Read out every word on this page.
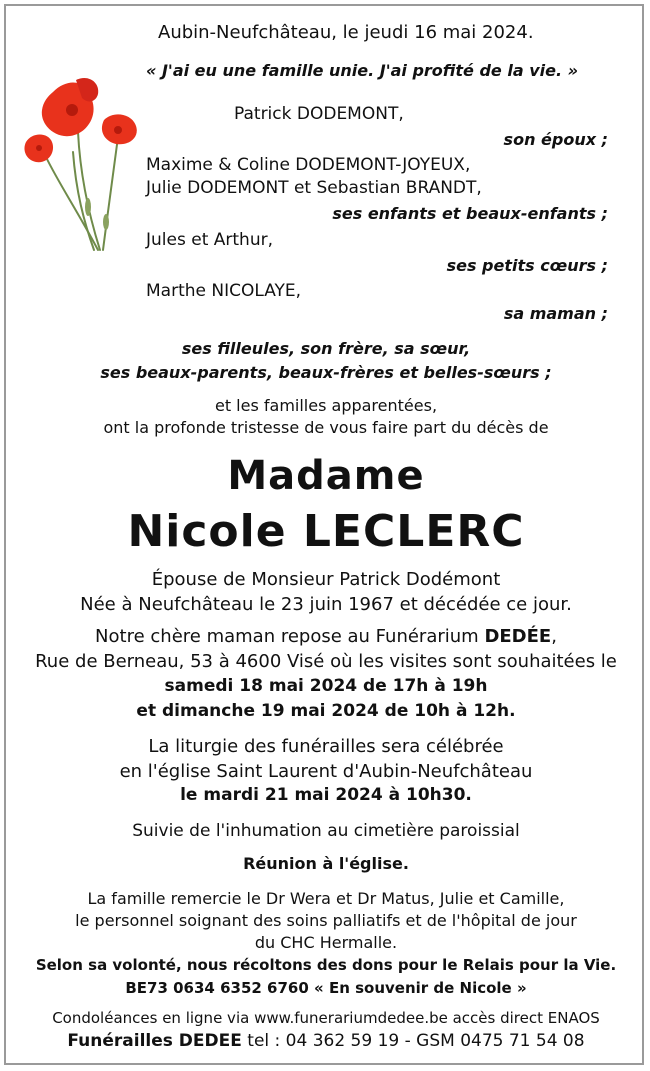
Aubin-Neufchâteau, le jeudi 16 mai 2024.
« J'ai eu une famille unie. J'ai profité de la vie. »
Patrick DODEMONT,
son époux ;
Maxime & Coline DODEMONT-JOYEUX,
Julie DODEMONT et Sebastian BRANDT,
ses enfants et beaux-enfants ;
Jules et Arthur,
ses petits cœurs ;
Marthe NICOLAYE,
sa maman ;
ses filleules, son frère, sa sœur,
ses beaux-parents, beaux-frères et belles-sœurs ;
et les familles apparentées,
ont la profonde tristesse de vous faire part du décès de
Madame
Nicole LECLERC
Épouse de Monsieur Patrick Dodémont
Née à Neufchâteau le 23 juin 1967 et décédée ce jour.
Notre chère maman repose au Funérarium DEDÉE,
Rue de Berneau, 53 à 4600 Visé où les visites sont souhaitées le
samedi 18 mai 2024 de 17h à 19h
et dimanche 19 mai 2024 de 10h à 12h.
La liturgie des funérailles sera célébrée
en l'église Saint Laurent d'Aubin-Neufchâteau
le mardi 21 mai 2024 à 10h30.
Suivie de l'inhumation au cimetière paroissial
Réunion à l'église.
La famille remercie le Dr Wera et Dr Matus, Julie et Camille,
le personnel soignant des soins palliatifs et de l'hôpital de jour
du CHC Hermalle.
Selon sa volonté, nous récoltons des dons pour le Relais pour la Vie.
BE73 0634 6352 6760 « En souvenir de Nicole »
Condoléances en ligne via www.funerariumdedee.be accès direct ENAOS
Funérailles DEDEE tel : 04 362 59 19 - GSM 0475 71 54 08
